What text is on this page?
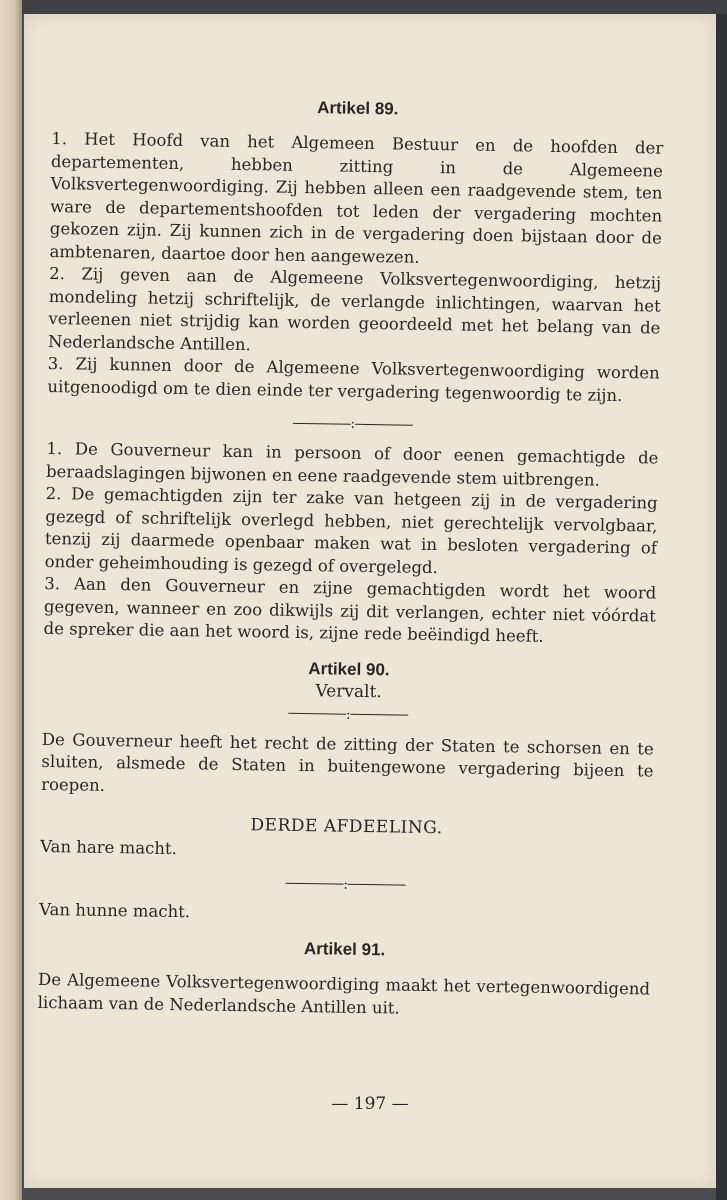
Artikel 89.

1. Het Hoofd van het Algemeen Bestuur en de hoofden der departementen, hebben zitting in de Algemeene Volksvertegenwoordiging. Zij hebben alleen een raadgevende stem, ten ware de departementshoofden tot leden der vergadering mochten gekozen zijn. Zij kunnen zich in de vergadering doen bijstaan door de ambtenaren, daartoe door hen aangewezen.

2. Zij geven aan de Algemeene Volksvertegenwoordiging, hetzij mondeling hetzij schriftelijk, de verlangde inlichtingen, waarvan het verleenen niet strijdig kan worden geoordeeld met het belang van de Nederlandsche Antillen.

3. Zij kunnen door de Algemeene Volksvertegenwoordiging worden uitgenoodigd om te dien einde ter vergadering tegenwoordig te zijn.

:

1. De Gouverneur kan in persoon of door eenen gemachtigde de beraadslagingen bijwonen en eene raadgevende stem uitbrengen.

2. De gemachtigden zijn ter zake van hetgeen zij in de vergadering gezegd of schriftelijk overlegd hebben, niet gerechtelijk vervolgbaar, tenzij zij daarmede openbaar maken wat in besloten vergadering of onder geheimhouding is gezegd of overgelegd.

3. Aan den Gouverneur en zijne gemachtigden wordt het woord gegeven, wanneer en zoo dikwijls zij dit verlangen, echter niet vóórdat de spreker die aan het woord is, zijne rede beëindigd heeft.

Artikel 90.
Vervalt.
:

De Gouverneur heeft het recht de zitting der Staten te schorsen en te sluiten, alsmede de Staten in buitengewone vergadering bijeen te roepen.

DERDE AFDEELING.

Van hare macht.

:

Van hunne macht.

Artikel 91.

De Algemeene Volksvertegenwoordiging maakt het vertegenwoordigend lichaam van de Nederlandsche Antillen uit.

— 197 —
